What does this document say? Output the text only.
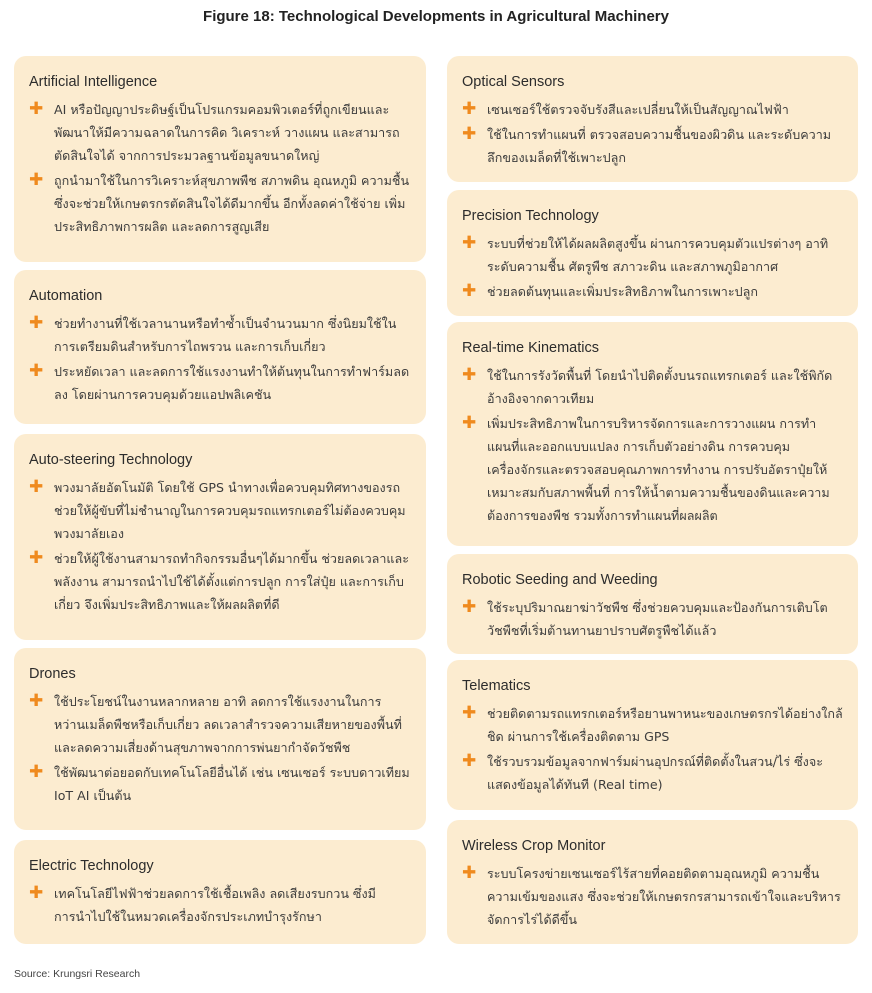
Figure 18: Technological Developments in Agricultural Machinery
Artificial Intelligence
✚ AI หรือปัญญาประดิษฐ์เป็นโปรแกรมคอมพิวเตอร์ที่ถูกเขียนและพัฒนาให้มีความฉลาดในการคิด วิเคราะห์ วางแผน และสามารถตัดสินใจได้ จากการประมวลฐานข้อมูลขนาดใหญ่
✚ ถูกนำมาใช้ในการวิเคราะห์สุขภาพพืช สภาพดิน อุณหภูมิ ความชื้น ซึ่งจะช่วยให้เกษตรกรตัดสินใจได้ดีมากขึ้น อีกทั้งลดค่าใช้จ่าย เพิ่มประสิทธิภาพการผลิต และลดการสูญเสีย
Automation
✚ ช่วยทำงานที่ใช้เวลานานหรือทำซ้ำเป็นจำนวนมาก ซึ่งนิยมใช้ในการเตรียมดินสำหรับการไถพรวน และการเก็บเกี่ยว
✚ ประหยัดเวลา และลดการใช้แรงงานทำให้ต้นทุนในการทำฟาร์มลดลง โดยผ่านการควบคุมด้วยแอปพลิเคชัน
Auto-steering Technology
✚ พวงมาลัยอัตโนมัติ โดยใช้ GPS นำทางเพื่อควบคุมทิศทางของรถ ช่วยให้ผู้ขับที่ไม่ชำนาญในการควบคุมรถแทรกเตอร์ไม่ต้องควบคุมพวงมาลัยเอง
✚ ช่วยให้ผู้ใช้งานสามารถทำกิจกรรมอื่นๆได้มากขึ้น ช่วยลดเวลาและพลังงาน สามารถนำไปใช้ได้ตั้งแต่การปลูก การใส่ปุ๋ย และการเก็บเกี่ยว จึงเพิ่มประสิทธิภาพและให้ผลผลิตที่ดี
Drones
✚ ใช้ประโยชน์ในงานหลากหลาย อาทิ ลดการใช้แรงงานในการหว่านเมล็ดพืชหรือเก็บเกี่ยว ลดเวลาสำรวจความเสียหายของพื้นที่ และลดความเสี่ยงด้านสุขภาพจากการพ่นยากำจัดวัชพืช
✚ ใช้พัฒนาต่อยอดกับเทคโนโลยีอื่นได้ เช่น เซนเซอร์ ระบบดาวเทียม IoT AI เป็นต้น
Electric Technology
✚ เทคโนโลยีไฟฟ้าช่วยลดการใช้เชื้อเพลิง ลดเสียงรบกวน ซึ่งมีการนำไปใช้ในหมวดเครื่องจักรประเภทบำรุงรักษา
Optical Sensors
✚ เซนเซอร์ใช้ตรวจจับรังสีและเปลี่ยนให้เป็นสัญญาณไฟฟ้า
✚ ใช้ในการทำแผนที่ ตรวจสอบความชื้นของผิวดิน และระดับความลึกของเมล็ดที่ใช้เพาะปลูก
Precision Technology
✚ ระบบที่ช่วยให้ได้ผลผลิตสูงขึ้น ผ่านการควบคุมตัวแปรต่างๆ อาทิ ระดับความชื้น ศัตรูพืช สภาวะดิน และสภาพภูมิอากาศ
✚ ช่วยลดต้นทุนและเพิ่มประสิทธิภาพในการเพาะปลูก
Real-time Kinematics
✚ ใช้ในการรังวัดพื้นที่ โดยนำไปติดตั้งบนรถแทรกเตอร์ และใช้พิกัดอ้างอิงจากดาวเทียม
✚ เพิ่มประสิทธิภาพในการบริหารจัดการและการวางแผน การทำแผนที่และออกแบบแปลง การเก็บตัวอย่างดิน การควบคุมเครื่องจักรและตรวจสอบคุณภาพการทำงาน การปรับอัตราปุ๋ยให้เหมาะสมกับสภาพพื้นที่ การให้น้ำตามความชื้นของดินและความต้องการของพืช รวมทั้งการทำแผนที่ผลผลิต
Robotic Seeding and Weeding
✚ ใช้ระบุปริมาณยาฆ่าวัชพืช ซึ่งช่วยควบคุมและป้องกันการเติบโตวัชพืชที่เริ่มต้านทานยาปราบศัตรูพืชได้แล้ว
Telematics
✚ ช่วยติดตามรถแทรกเตอร์หรือยานพาหนะของเกษตรกรได้อย่างใกล้ชิด ผ่านการใช้เครื่องติดตาม GPS
✚ ใช้รวบรวมข้อมูลจากฟาร์มผ่านอุปกรณ์ที่ติดตั้งในสวน/ไร่ ซึ่งจะแสดงข้อมูลได้ทันที (Real time)
Wireless Crop Monitor
✚ ระบบโครงข่ายเซนเซอร์ไร้สายที่คอยติดตามอุณหภูมิ ความชื้น ความเข้มของแสง ซึ่งจะช่วยให้เกษตรกรสามารถเข้าใจและบริหารจัดการไร่ได้ดีขึ้น
Source: Krungsri Research
